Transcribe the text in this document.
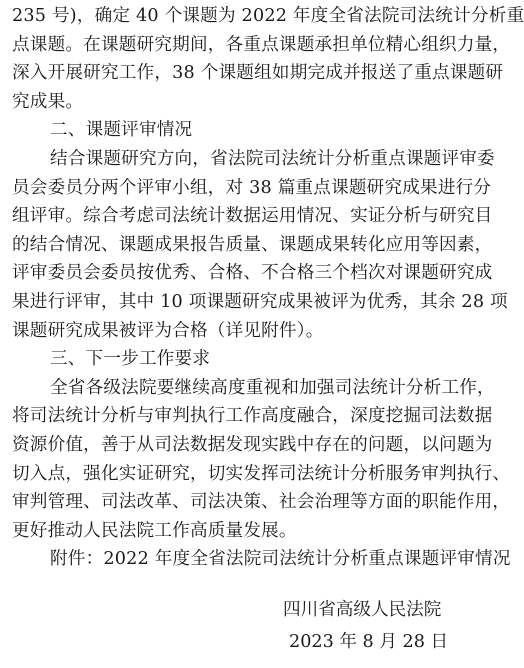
235 号)，确定 40 个课题为 2022 年度全省法院司法统计分析重
点课题。在课题研究期间，各重点课题承担单位精心组织力量，
深入开展研究工作，38 个课题组如期完成并报送了重点课题研
究成果。
二、课题评审情况
结合课题研究方向，省法院司法统计分析重点课题评审委
员会委员分两个评审小组，对 38 篇重点课题研究成果进行分
组评审。综合考虑司法统计数据运用情况、实证分析与研究目
的结合情况、课题成果报告质量、课题成果转化应用等因素，
评审委员会委员按优秀、合格、不合格三个档次对课题研究成
果进行评审，其中 10 项课题研究成果被评为优秀，其余 28 项
课题研究成果被评为合格（详见附件）。
三、下一步工作要求
全省各级法院要继续高度重视和加强司法统计分析工作，
将司法统计分析与审判执行工作高度融合，深度挖掘司法数据
资源价值，善于从司法数据发现实践中存在的问题，以问题为
切入点，强化实证研究，切实发挥司法统计分析服务审判执行、
审判管理、司法改革、司法决策、社会治理等方面的职能作用，
更好推动人民法院工作高质量发展。
附件：2022 年度全省法院司法统计分析重点课题评审情况
四川省高级人民法院
2023 年 8 月 28 日
